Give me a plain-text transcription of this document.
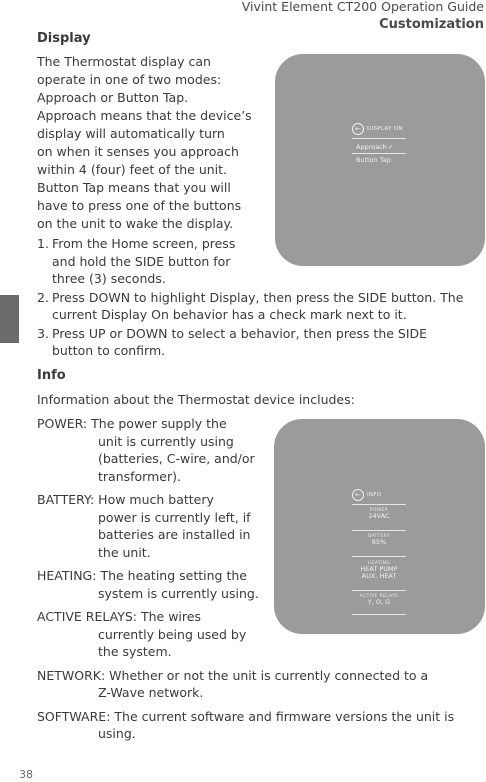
Vivint Element CT200 Operation Guide
Customization
Display
The Thermostat display can
operate in one of two modes:
Approach or Button Tap.
Approach means that the device’s
display will automatically turn
on when it senses you approach
within 4 (four) feet of the unit.
Button Tap means that you will
have to press one of the buttons
on the unit to wake the display.
1. From the Home screen, press
and hold the SIDE button for
three (3) seconds.
2. Press DOWN to highlight Display, then press the SIDE button. The
current Display On behavior has a check mark next to it.
3. Press UP or DOWN to select a behavior, then press the SIDE
button to confirm.
←	DISPLAY ON
Approach✓
Button Tap
Info
Information about the Thermostat device includes:
POWER: The power supply the
unit is currently using
(batteries, C-wire, and/or
transformer).
BATTERY: How much battery
power is currently left, if
batteries are installed in
the unit.
HEATING: The heating setting the
system is currently using.
ACTIVE RELAYS: The wires
currently being used by
the system.
NETWORK: Whether or not the unit is currently connected to a
Z-Wave network.
SOFTWARE: The current software and firmware versions the unit is
using.
←	INFO
POWER
24VAC
BATTERY
85%
HEATING
HEAT PUMP AUX. HEAT
ACTIVE RELAYS
Y, O, G
38
